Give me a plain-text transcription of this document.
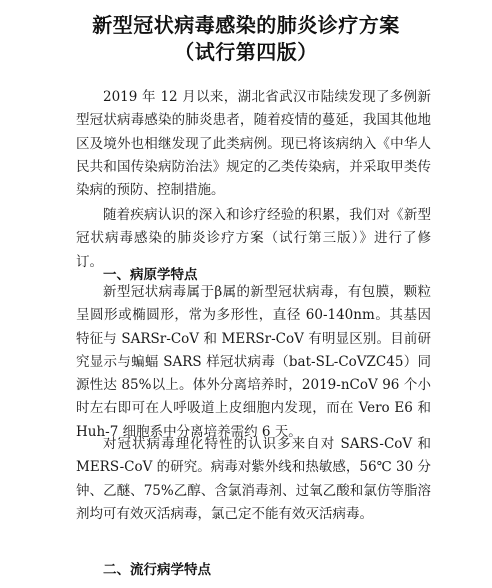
新型冠状病毒感染的肺炎诊疗方案
（试行第四版）

2019 年 12 月以来，湖北省武汉市陆续发现了多例新型冠状病毒感染的肺炎患者，随着疫情的蔓延，我国其他地区及境外也相继发现了此类病例。现已将该病纳入《中华人民共和国传染病防治法》规定的乙类传染病，并采取甲类传染病的预防、控制措施。

随着疾病认识的深入和诊疗经验的积累，我们对《新型冠状病毒感染的肺炎诊疗方案（试行第三版）》进行了修订。

一、病原学特点

新型冠状病毒属于β属的新型冠状病毒，有包膜，颗粒呈圆形或椭圆形，常为多形性，直径 60-140nm。其基因特征与 SARSr-CoV 和 MERSr-CoV 有明显区别。目前研究显示与蝙蝠 SARS 样冠状病毒（bat-SL-CoVZC45）同源性达 85%以上。体外分离培养时，2019-nCoV 96 个小时左右即可在人呼吸道上皮细胞内发现，而在 Vero E6 和 Huh-7 细胞系中分离培养需约 6 天。

对冠状病毒理化特性的认识多来自对 SARS-CoV 和 MERS-CoV 的研究。病毒对紫外线和热敏感，56℃ 30 分钟、乙醚、75%乙醇、含氯消毒剂、过氧乙酸和氯仿等脂溶剂均可有效灭活病毒，氯己定不能有效灭活病毒。

二、流行病学特点
